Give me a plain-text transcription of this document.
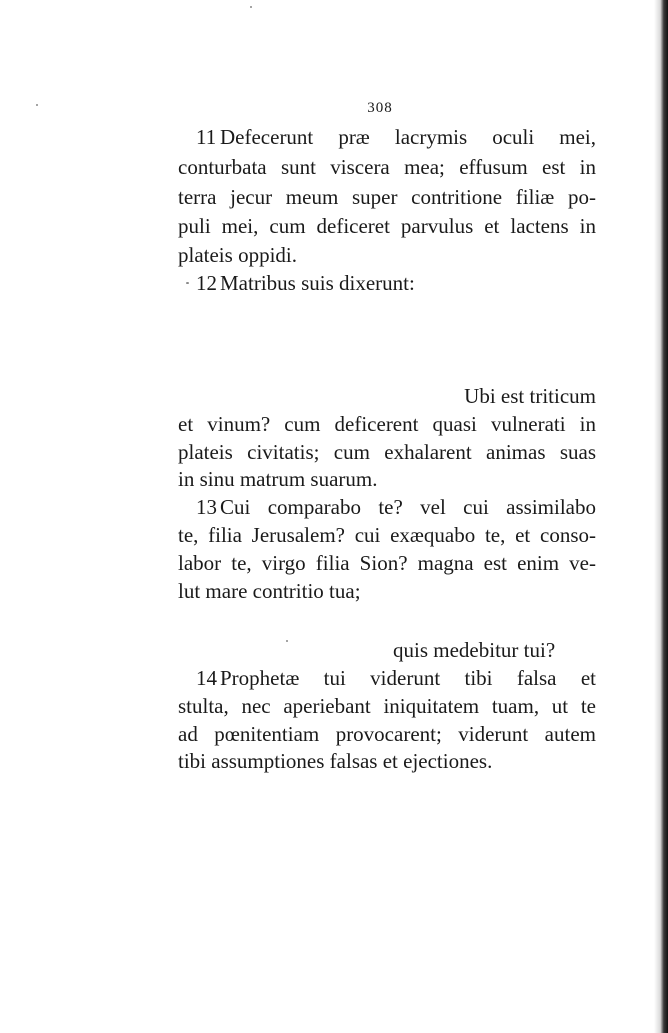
308
11 Defecerunt præ lacrymis oculi mei,
conturbata sunt viscera mea; effusum est in
terra jecur meum super contritione filiæ po-
puli mei, cum deficeret parvulus et lactens in
plateis oppidi.
12 Matribus suis dixerunt:
Ubi est triticum
et vinum? cum deficerent quasi vulnerati in
plateis civitatis; cum exhalarent animas suas
in sinu matrum suarum.
13 Cui comparabo te? vel cui assimilabo
te, filia Jerusalem? cui exæquabo te, et conso-
labor te, virgo filia Sion? magna est enim ve-
lut mare contritio tua;
quis medebitur tui?
14 Prophetæ tui viderunt tibi falsa et
stulta, nec aperiebant iniquitatem tuam, ut te
ad pœnitentiam provocarent; viderunt autem
tibi assumptiones falsas et ejectiones.
